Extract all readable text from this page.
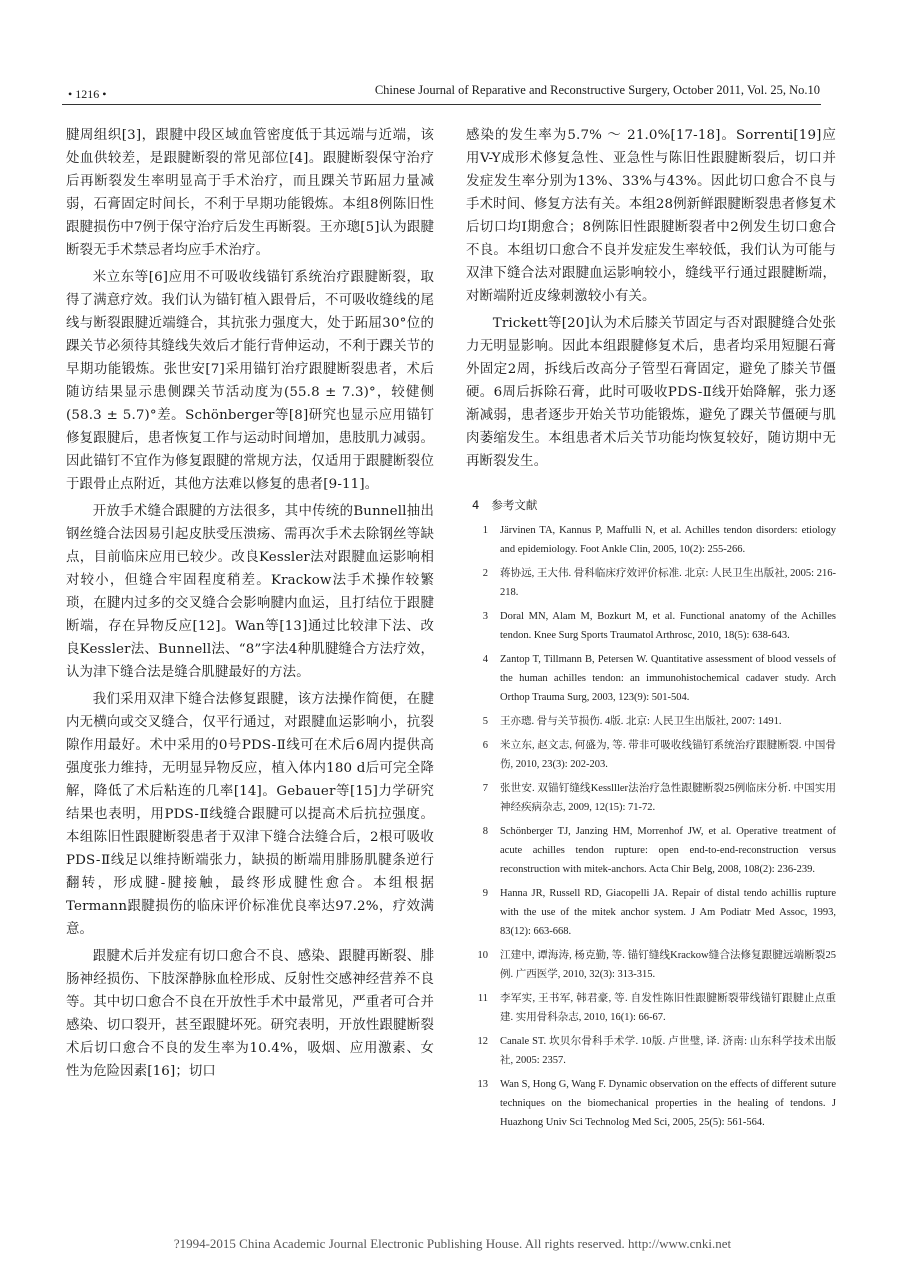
• 1216 •	Chinese Journal of Reparative and Reconstructive Surgery, October 2011, Vol. 25, No.10

腱周组织[3]，跟腱中段区域血管密度低于其远端与近端，该处血供较差，是跟腱断裂的常见部位[4]。跟腱断裂保守治疗后再断裂发生率明显高于手术治疗，而且踝关节跖屈力量减弱，石膏固定时间长，不利于早期功能锻炼。本组8例陈旧性跟腱损伤中7例于保守治疗后发生再断裂。王亦璁[5]认为跟腱断裂无手术禁忌者均应手术治疗。

米立东等[6]应用不可吸收线锚钉系统治疗跟腱断裂，取得了满意疗效。我们认为锚钉植入跟骨后，不可吸收缝线的尾线与断裂跟腱近端缝合，其抗张力强度大，处于跖屈30°位的踝关节必须待其缝线失效后才能行背伸运动，不利于踝关节的早期功能锻炼。张世安[7]采用锚钉治疗跟腱断裂患者，术后随访结果显示患侧踝关节活动度为(55.8 ± 7.3)°，较健侧(58.3 ± 5.7)°差。Schönberger等[8]研究也显示应用锚钉修复跟腱后，患者恢复工作与运动时间增加，患肢肌力减弱。因此锚钉不宜作为修复跟腱的常规方法，仅适用于跟腱断裂位于跟骨止点附近，其他方法难以修复的患者[9-11]。

开放手术缝合跟腱的方法很多，其中传统的Bunnell抽出钢丝缝合法因易引起皮肤受压溃疡、需再次手术去除钢丝等缺点，目前临床应用已较少。改良Kessler法对跟腱血运影响相对较小，但缝合牢固程度稍差。Krackow法手术操作较繁琐，在腱内过多的交叉缝合会影响腱内血运，且打结位于跟腱断端，存在异物反应[12]。Wan等[13]通过比较津下法、改良Kessler法、Bunnell法、“8”字法4种肌腱缝合方法疗效，认为津下缝合法是缝合肌腱最好的方法。

我们采用双津下缝合法修复跟腱，该方法操作简便，在腱内无横向或交叉缝合，仅平行通过，对跟腱血运影响小，抗裂隙作用最好。术中采用的0号PDS-Ⅱ线可在术后6周内提供高强度张力维持，无明显异物反应，植入体内180 d后可完全降解，降低了术后粘连的几率[14]。Gebauer等[15]力学研究结果也表明，用PDS-Ⅱ线缝合跟腱可以提高术后抗拉强度。本组陈旧性跟腱断裂患者于双津下缝合法缝合后，2根可吸收PDS-Ⅱ线足以维持断端张力，缺损的断端用腓肠肌腱条逆行翻转，形成腱-腱接触，最终形成腱性愈合。本组根据Termann跟腱损伤的临床评价标准优良率达97.2%，疗效满意。

跟腱术后并发症有切口愈合不良、感染、跟腱再断裂、腓肠神经损伤、下肢深静脉血栓形成、反射性交感神经营养不良等。其中切口愈合不良在开放性手术中最常见，严重者可合并感染、切口裂开，甚至跟腱坏死。研究表明，开放性跟腱断裂术后切口愈合不良的发生率为10.4%，吸烟、应用激素、女性为危险因素[16]；切口

感染的发生率为5.7% ～ 21.0%[17-18]。Sorrenti[19]应用V-Y成形术修复急性、亚急性与陈旧性跟腱断裂后，切口并发症发生率分别为13%、33%与43%。因此切口愈合不良与手术时间、修复方法有关。本组28例新鲜跟腱断裂患者修复术后切口均Ⅰ期愈合；8例陈旧性跟腱断裂者中2例发生切口愈合不良。本组切口愈合不良并发症发生率较低，我们认为可能与双津下缝合法对跟腱血运影响较小，缝线平行通过跟腱断端，对断端附近皮缘刺激较小有关。

Trickett等[20]认为术后膝关节固定与否对跟腱缝合处张力无明显影响。因此本组跟腱修复术后，患者均采用短腿石膏外固定2周，拆线后改高分子管型石膏固定，避免了膝关节僵硬。6周后拆除石膏，此时可吸收PDS-Ⅱ线开始降解，张力逐渐减弱，患者逐步开始关节功能锻炼，避免了踝关节僵硬与肌肉萎缩发生。本组患者术后关节功能均恢复较好，随访期中无再断裂发生。

4 参考文献
1	Järvinen TA, Kannus P, Maffulli N, et al. Achilles tendon disorders: etiology and epidemiology. Foot Ankle Clin, 2005, 10(2): 255-266.
2	蒋协远, 王大伟. 骨科临床疗效评价标准. 北京: 人民卫生出版社, 2005: 216-218.
3	Doral MN, Alam M, Bozkurt M, et al. Functional anatomy of the Achilles tendon. Knee Surg Sports Traumatol Arthrosc, 2010, 18(5): 638-643.
4	Zantop T, Tillmann B, Petersen W. Quantitative assessment of blood vessels of the human achilles tendon: an immunohistochemical cadaver study. Arch Orthop Trauma Surg, 2003, 123(9): 501-504.
5	王亦璁. 骨与关节损伤. 4版. 北京: 人民卫生出版社, 2007: 1491.
6	米立东, 赵文志, 何盛为, 等. 带非可吸收线锚钉系统治疗跟腱断裂. 中国骨伤, 2010, 23(3): 202-203.
7	张世安. 双锚钉缝线Kesslller法治疗急性跟腱断裂25例临床分析. 中国实用神经疾病杂志, 2009, 12(15): 71-72.
8	Schönberger TJ, Janzing HM, Morrenhof JW, et al. Operative treatment of acute achilles tendon rupture: open end-to-end-reconstruction versus reconstruction with mitek-anchors. Acta Chir Belg, 2008, 108(2): 236-239.
9	Hanna JR, Russell RD, Giacopelli JA. Repair of distal tendo achillis rupture with the use of the mitek anchor system. J Am Podiatr Med Assoc, 1993, 83(12): 663-668.
10	江建中, 谭海涛, 杨克勤, 等. 锚钉缝线Krackow缝合法修复跟腱远端断裂25例. 广西医学, 2010, 32(3): 313-315.
11	李军实, 王书军, 韩君豪, 等. 自发性陈旧性跟腱断裂带线锚钉跟腱止点重建. 实用骨科杂志, 2010, 16(1): 66-67.
12	Canale ST. 坎贝尔骨科手术学. 10版. 卢世璧, 译. 济南: 山东科学技术出版社, 2005: 2357.
13	Wan S, Hong G, Wang F. Dynamic observation on the effects of different suture techniques on the biomechanical properties in the healing of tendons. J Huazhong Univ Sci Technolog Med Sci, 2005, 25(5): 561-564.
?1994-2015 China Academic Journal Electronic Publishing House. All rights reserved. http://www.cnki.net
